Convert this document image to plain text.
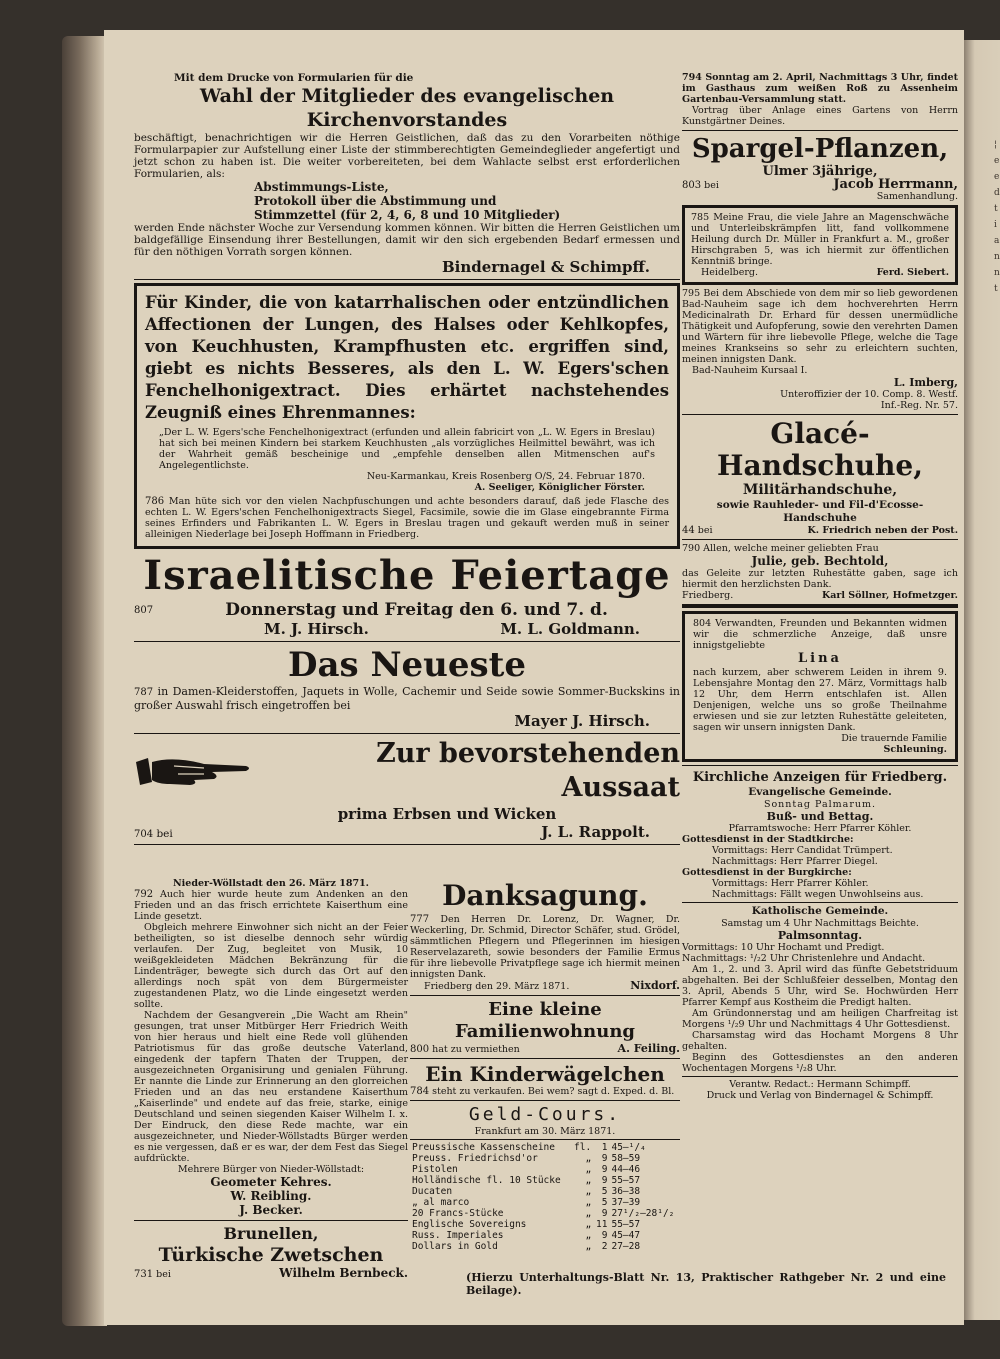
¦
e
e
d
t
i
a
n
n
t

Mit dem Drucke von Formularien für die

Wahl der Mitglieder des evangelischen Kirchenvorstandes

beschäftigt, benachrichtigen wir die Herren Geistlichen, daß das zu den Vorarbeiten nöthige Formularpapier zur Aufstellung einer Liste der stimmberechtigten Gemeindeglieder angefertigt und jetzt schon zu haben ist. Die weiter vorbereiteten, bei dem Wahlacte selbst erst erforderlichen Formularien, als:

Abstimmungs-Liste,

Protokoll über die Abstimmung und

Stimmzettel (für 2, 4, 6, 8 und 10 Mitglieder)

werden Ende nächster Woche zur Versendung kommen können. Wir bitten die Herren Geistlichen um baldgefällige Einsendung ihrer Bestellungen, damit wir den sich ergebenden Bedarf ermessen und für den nöthigen Vorrath sorgen können.

Bindernagel & Schimpff.

Für Kinder, die von katarrhalischen oder entzündlichen Affectionen der Lungen, des Halses oder Kehlkopfes, von Keuchhusten, Krampfhusten etc. ergriffen sind, giebt es nichts Besseres, als den L. W. Egers'schen Fenchelhonigextract. Dies erhärtet nachstehendes Zeugniß eines Ehrenmannes:

„Der L. W. Egers'sche Fenchelhonigextract (erfunden und allein fabricirt von „L. W. Egers in Breslau) hat sich bei meinen Kindern bei starkem Keuchhusten „als vorzügliches Heilmittel bewährt, was ich der Wahrheit gemäß bescheinige und „empfehle denselben allen Mitmenschen auf's Angelegentlichste.

Neu-Karmankau, Kreis Rosenberg O/S, 24. Februar 1870.

A. Seeliger, Königlicher Förster.

786 Man hüte sich vor den vielen Nachpfuschungen und achte besonders darauf, daß jede Flasche des echten L. W. Egers'schen Fenchelhonigextracts Siegel, Facsimile, sowie die im Glase eingebrannte Firma seines Erfinders und Fabrikanten L. W. Egers in Breslau tragen und gekauft werden muß in seiner alleinigen Niederlage bei Joseph Hoffmann in Friedberg.

Israelitische Feiertage

807	Donnerstag und Freitag den 6. und 7. d.
M. J. Hirsch.	M. L. Goldmann.

Das Neueste

787 in Damen-Kleiderstoffen, Jaquets in Wolle, Cachemir und Seide sowie Sommer-Buckskins in großer Auswahl frisch eingetroffen bei

Mayer J. Hirsch.

Zur bevorstehenden Aussaat

prima Erbsen und Wicken

704 bei	J. L. Rappolt.

Nieder-Wöllstadt den 26. März 1871.

792 Auch hier wurde heute zum Andenken an den Frieden und an das frisch errichtete Kaiserthum eine Linde gesetzt.

Obgleich mehrere Einwohner sich nicht an der Feier betheiligten, so ist dieselbe dennoch sehr würdig verlaufen. Der Zug, begleitet von Musik, 10 weißgekleideten Mädchen Bekränzung für die Lindenträger, bewegte sich durch das Ort auf den allerdings noch spät von dem Bürgermeister zugestandenen Platz, wo die Linde eingesetzt werden sollte.

Nachdem der Gesangverein „Die Wacht am Rhein" gesungen, trat unser Mitbürger Herr Friedrich Weith von hier heraus und hielt eine Rede voll glühenden Patriotismus für das große deutsche Vaterland, eingedenk der tapfern Thaten der Truppen, der ausgezeichneten Organisirung und genialen Führung. Er nannte die Linde zur Erinnerung an den glorreichen Frieden und an das neu erstandene Kaiserthum „Kaiserlinde" und endete auf das freie, starke, einige Deutschland und seinen siegenden Kaiser Wilhelm I. x. Der Eindruck, den diese Rede machte, war ein ausgezeichneter, und Nieder-Wöllstadts Bürger werden es nie vergessen, daß er es war, der dem Fest das Siegel aufdrückte.

Mehrere Bürger von Nieder-Wöllstadt:

Geometer Kehres.

W. Reibling.

J. Becker.

Brunellen,

Türkische Zwetschen

731 bei	Wilhelm Bernbeck.

Danksagung.

777 Den Herren Dr. Lorenz, Dr. Wagner, Dr. Weckerling, Dr. Schmid, Director Schäfer, stud. Grödel, sämmtlichen Pflegern und Pflegerinnen im hiesigen Reservelazareth, sowie besonders der Familie Ermus für ihre liebevolle Privatpflege sage ich hiermit meinen innigsten Dank.

Friedberg den 29. März 1871.	Nixdorf.

Eine kleine Familienwohnung

800 hat zu vermiethen	A. Feiling.

Ein Kinderwägelchen

784 steht zu verkaufen. Bei wem? sagt d. Exped. d. Bl.

Geld-Cours.

Frankfurt am 30. März 1871.

Preussische Kassenscheine	fl.	1	45—¹/₄
Preuss. Friedrichsd'or	„	9	58—59
Pistolen	„	9	44—46
Holländische fl. 10 Stücke	„	9	55—57
Ducaten	„	5	36—38
„ al marco	„	5	37—39
20 Francs-Stücke	„	9	27¹/₂—28¹/₂
Englische Sovereigns	„	11	55—57
Russ. Imperiales	„	9	45—47
Dollars in Gold	„	2	27—28

794 Sonntag am 2. April, Nachmittags 3 Uhr, findet im Gasthaus zum weißen Roß zu Assenheim Gartenbau-Versammlung statt.

Vortrag über Anlage eines Gartens von Herrn Kunstgärtner Deines.

Spargel-Pflanzen,

Ulmer 3jährige,

803 bei	Jacob Herrmann,

Samenhandlung.

785 Meine Frau, die viele Jahre an Magenschwäche und Unterleibskrämpfen litt, fand vollkommene Heilung durch Dr. Müller in Frankfurt a. M., großer Hirschgraben 5, was ich hiermit zur öffentlichen Kenntniß bringe.

Heidelberg.	Ferd. Siebert.

795 Bei dem Abschiede von dem mir so lieb gewordenen Bad-Nauheim sage ich dem hochverehrten Herrn Medicinalrath Dr. Erhard für dessen unermüdliche Thätigkeit und Aufopferung, sowie den verehrten Damen und Wärtern für ihre liebevolle Pflege, welche die Tage meines Krankseins so sehr zu erleichtern suchten, meinen innigsten Dank.

Bad-Nauheim Kursaal I.

L. Imberg,

Unteroffizier der 10. Comp. 8. Westf.

Inf.-Reg. Nr. 57.

Glacé-Handschuhe,

Militärhandschuhe,

sowie Rauhleder- und Fil-d'Ecosse-Handschuhe

44 bei	K. Friedrich neben der Post.

790 Allen, welche meiner geliebten Frau

Julie, geb. Bechtold,

das Geleite zur letzten Ruhestätte gaben, sage ich hiermit den herzlichsten Dank.

Friedberg.	Karl Söllner, Hofmetzger.

804 Verwandten, Freunden und Bekannten widmen wir die schmerzliche Anzeige, daß unsre innigstgeliebte

Lina

nach kurzem, aber schwerem Leiden in ihrem 9. Lebensjahre Montag den 27. März, Vormittags halb 12 Uhr, dem Herrn entschlafen ist. Allen Denjenigen, welche uns so große Theilnahme erwiesen und sie zur letzten Ruhestätte geleiteten, sagen wir unsern innigsten Dank.

Die trauernde Familie

Schleuning.

Kirchliche Anzeigen für Friedberg.

Evangelische Gemeinde.

Sonntag Palmarum.

Buß- und Bettag.

Pfarramtswoche: Herr Pfarrer Köhler.

Gottesdienst in der Stadtkirche:

Vormittags: Herr Candidat Trümpert.

Nachmittags: Herr Pfarrer Diegel.

Gottesdienst in der Burgkirche:

Vormittags: Herr Pfarrer Köhler.

Nachmittags: Fällt wegen Unwohlseins aus.

Katholische Gemeinde.

Samstag um 4 Uhr Nachmittags Beichte.

Palmsonntag.

Vormittags: 10 Uhr Hochamt und Predigt.

Nachmittags: ¹/₂2 Uhr Christenlehre und Andacht.

Am 1., 2. und 3. April wird das fünfte Gebetstriduum abgehalten. Bei der Schlußfeier desselben, Montag den 3. April, Abends 5 Uhr, wird Se. Hochwürden Herr Pfarrer Kempf aus Kostheim die Predigt halten.

Am Gründonnerstag und am heiligen Charfreitag ist Morgens ¹/₂9 Uhr und Nachmittags 4 Uhr Gottesdienst.

Charsamstag wird das Hochamt Morgens 8 Uhr gehalten.

Beginn des Gottesdienstes an den anderen Wochentagen Morgens ¹/₂8 Uhr.

Verantw. Redact.: Hermann Schimpff.

Druck und Verlag von Bindernagel & Schimpff.

(Hierzu Unterhaltungs-Blatt Nr. 13, Praktischer Rathgeber Nr. 2 und eine Beilage).
